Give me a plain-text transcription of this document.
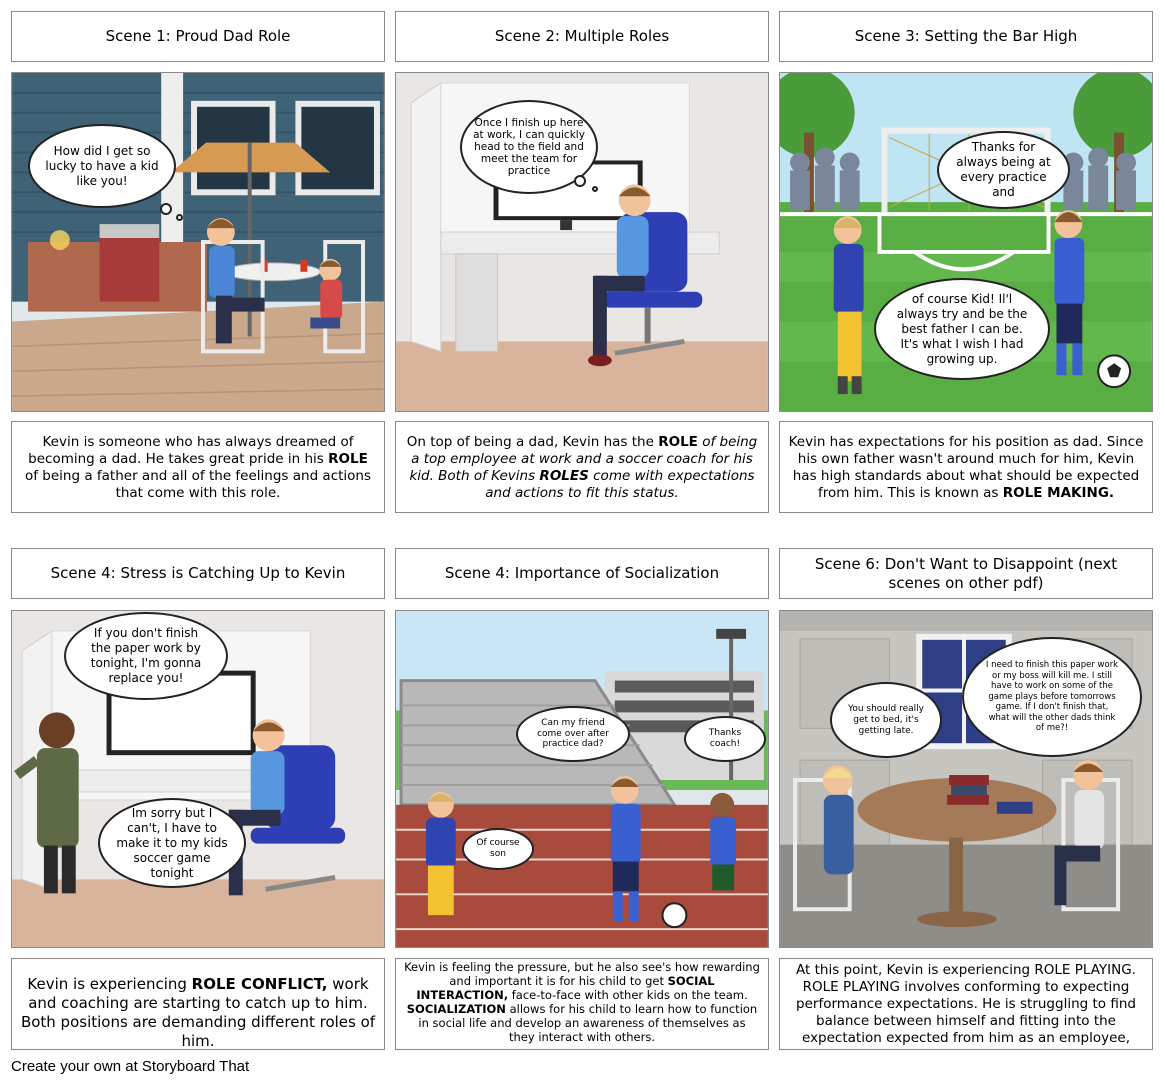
Scene 1: Proud Dad Role	Scene 2: Multiple Roles	Scene 3: Setting the Bar High
How did I get so lucky to have a kid like you!
Once I finish up here at work, I can quickly head to the field and meet the team for practice
Thanks for always being at every practice and
of course Kid! Il'l always try and be the best father I can be. It's what I wish I had growing up.
Kevin is someone who has always dreamed of becoming a dad. He takes great pride in his ROLE of being a father and all of the feelings and actions that come with this role.
On top of being a dad, Kevin has the ROLE of being a top employee at work and a soccer coach for his kid. Both of Kevins ROLES come with expectations and actions to fit this status.
Kevin has expectations for his position as dad. Since his own father wasn't around much for him, Kevin has high standards about what should be expected from him. This is known as ROLE MAKING.
Scene 4: Stress is Catching Up to Kevin	Scene 4: Importance of Socialization
Scene 6: Don't Want to Disappoint (next scenes on other pdf)
If you don't finish the paper work by tonight, I'm gonna replace you!
Im sorry but I can't, I have to make it to my kids soccer game tonight
Can my friend come over after practice dad?
Thanks coach!
Of course son
You should really get to bed, it's getting late.
I need to finish this paper work or my boss will kill me. I still have to work on some of the game plays before tomorrows game. If I don't finish that, what will the other dads think of me?!
Kevin is experiencing ROLE CONFLICT, work and coaching are starting to catch up to him. Both positions are demanding different roles of him.
Kevin is feeling the pressure, but he also see's how rewarding and important it is for his child to get SOCIAL INTERACTION, face-to-face with other kids on the team. SOCIALIZATION allows for his child to learn how to function in social life and develop an awareness of themselves as they interact with others.
At this point, Kevin is experiencing ROLE PLAYING. ROLE PLAYING involves conforming to expecting performance expectations. He is struggling to find balance between himself and fitting into the expectation expected from him as an employee,
Create your own at Storyboard That
